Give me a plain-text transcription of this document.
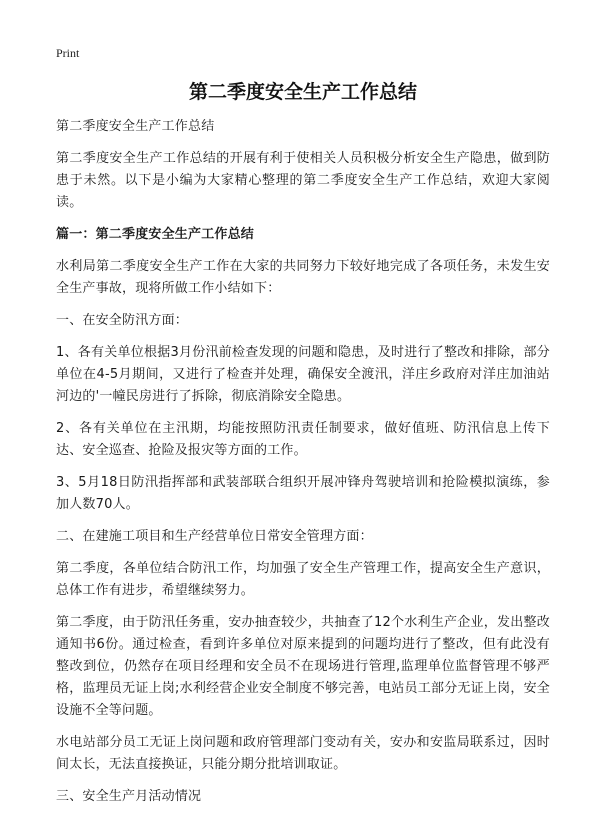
Print
第二季度安全生产工作总结

第二季度安全生产工作总结

第二季度安全生产工作总结的开展有利于使相关人员积极分析安全生产隐患，做到防患于未然。以下是小编为大家精心整理的第二季度安全生产工作总结，欢迎大家阅读。

篇一：第二季度安全生产工作总结

水利局第二季度安全生产工作在大家的共同努力下较好地完成了各项任务，未发生安全生产事故，现将所做工作小结如下：

一、在安全防汛方面：

1、各有关单位根据3月份汛前检查发现的问题和隐患，及时进行了整改和排除，部分单位在4-5月期间，又进行了检查并处理，确保安全渡汛，洋庄乡政府对洋庄加油站河边的'一幢民房进行了拆除，彻底消除安全隐患。

2、各有关单位在主汛期，均能按照防汛责任制要求，做好值班、防汛信息上传下达、安全巡查、抢险及报灾等方面的工作。

3、5月18日防汛指挥部和武装部联合组织开展冲锋舟驾驶培训和抢险模拟演练，参加人数70人。

二、在建施工项目和生产经营单位日常安全管理方面：

第二季度，各单位结合防汛工作，均加强了安全生产管理工作，提高安全生产意识，总体工作有进步，希望继续努力。

第二季度，由于防汛任务重，安办抽查较少，共抽查了12个水利生产企业，发出整改通知书6份。通过检查，看到许多单位对原来提到的问题均进行了整改，但有此没有整改到位，仍然存在项目经理和安全员不在现场进行管理,监理单位监督管理不够严格，监理员无证上岗;水利经营企业安全制度不够完善，电站员工部分无证上岗，安全设施不全等问题。

水电站部分员工无证上岗问题和政府管理部门变动有关，安办和安监局联系过，因时间太长，无法直接换证，只能分期分批培训取证。

三、安全生产月活动情况
